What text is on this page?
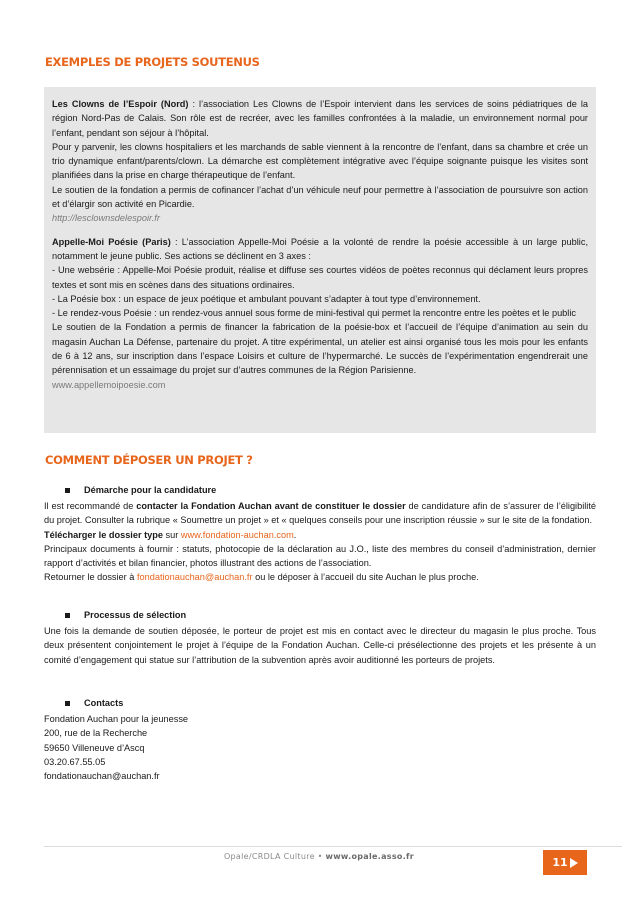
EXEMPLES DE PROJETS SOUTENUS

Les Clowns de l’Espoir (Nord) : l’association Les Clowns de l’Espoir intervient dans les services de soins pédiatriques de la région Nord-Pas de Calais. Son rôle est de recréer, avec les familles confrontées à la maladie, un environnement normal pour l’enfant, pendant son séjour à l’hôpital.

Pour y parvenir, les clowns hospitaliers et les marchands de sable viennent à la rencontre de l’enfant, dans sa chambre et crée un trio dynamique enfant/parents/clown. La démarche est complètement intégrative avec l’équipe soignante puisque les visites sont planifiées dans la prise en charge thérapeutique de l’enfant.

Le soutien de la fondation a permis de cofinancer l’achat d’un véhicule neuf pour permettre à l’association de poursuivre son action et d’élargir son activité en Picardie.

http://lesclownsdelespoir.fr

Appelle-Moi Poésie (Paris) : L’association Appelle-Moi Poésie a la volonté de rendre la poésie accessible à un large public, notamment le jeune public. Ses actions se déclinent en 3 axes :

- Une websérie : Appelle-Moi Poésie produit, réalise et diffuse ses courtes vidéos de poètes reconnus qui déclament leurs propres textes et sont mis en scènes dans des situations ordinaires.

- La Poésie box : un espace de jeux poétique et ambulant pouvant s’adapter à tout type d’environnement.

- Le rendez-vous Poésie : un rendez-vous annuel sous forme de mini-festival qui permet la rencontre entre les poètes et le public

Le soutien de la Fondation a permis de financer la fabrication de la poésie-box et l’accueil de l’équipe d’animation au sein du magasin Auchan La Défense, partenaire du projet. A titre expérimental, un atelier est ainsi organisé tous les mois pour les enfants de 6 à 12 ans, sur inscription dans l’espace Loisirs et culture de l’hypermarché. Le succès de l’expérimentation engendrerait une pérennisation et un essaimage du projet sur d’autres communes de la Région Parisienne.

www.appellemoipoesie.com

COMMENT DÉPOSER UN PROJET ?
Démarche pour la candidature

Il est recommandé de contacter la Fondation Auchan avant de constituer le dossier de candidature afin de s’assurer de l’éligibilité du projet. Consulter la rubrique « Soumettre un projet » et « quelques conseils pour une inscription réussie » sur le site de la fondation.

Télécharger le dossier type sur www.fondation-auchan.com.

Principaux documents à fournir : statuts, photocopie de la déclaration au J.O., liste des membres du conseil d’administration, dernier rapport d’activités et bilan financier, photos illustrant des actions de l’association.

Retourner le dossier à fondationauchan@auchan.fr ou le déposer à l’accueil du site Auchan le plus proche.

Processus de sélection

Une fois la demande de soutien déposée, le porteur de projet est mis en contact avec le directeur du magasin le plus proche. Tous deux présentent conjointement le projet à l’équipe de la Fondation Auchan. Celle-ci présélectionne des projets et les présente à un comité d’engagement qui statue sur l’attribution de la subvention après avoir auditionné les porteurs de projets.

Contacts

Fondation Auchan pour la jeunesse

200, rue de la Recherche

59650 Villeneuve d’Ascq

03.20.67.55.05

fondationauchan@auchan.fr

Opale/CRDLA Culture • www.opale.asso.fr	11
